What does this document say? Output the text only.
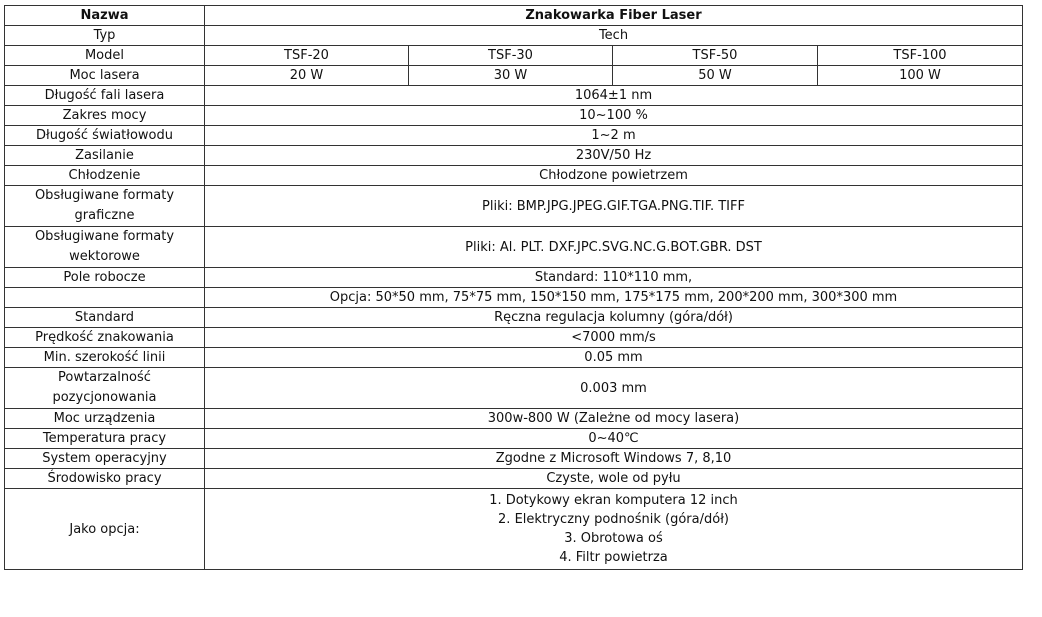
Nazwa	Znakowarka Fiber Laser			
Typ	Tech			
Model	TSF-20	TSF-30	TSF-50	TSF-100
Moc lasera	20 W	30 W	50 W	100 W
Długość fali lasera	1064±1 nm			
Zakres mocy	10~100 %			
Długość światłowodu	1~2 m			
Zasilanie	230V/50 Hz			
Chłodzenie	Chłodzone powietrzem			
Obsługiwane formaty graficzne	Pliki: BMP.JPG.JPEG.GIF.TGA.PNG.TIF. TIFF			
Obsługiwane formaty wektorowe	Pliki: Al. PLT. DXF.JPC.SVG.NC.G.BOT.GBR. DST			
Pole robocze	Standard: 110*110 mm,			
	Opcja: 50*50 mm, 75*75 mm, 150*150 mm, 175*175 mm, 200*200 mm, 300*300 mm			
Standard	Ręczna regulacja kolumny (góra/dół)			
Prędkość znakowania	<7000 mm/s			
Min. szerokość linii	0.05 mm			
Powtarzalność pozycjonowania	0.003 mm			
Moc urządzenia	300w-800 W (Zależne od mocy lasera)			
Temperatura pracy	0~40℃			
System operacyjny	Zgodne z Microsoft Windows 7, 8,10			
Środowisko pracy	Czyste, wole od pyłu			
Jako opcja:	1. Dotykowy ekran komputera 12 inch
2. Elektryczny podnośnik (góra/dół)
3. Obrotowa oś
4. Filtr powietrza			
